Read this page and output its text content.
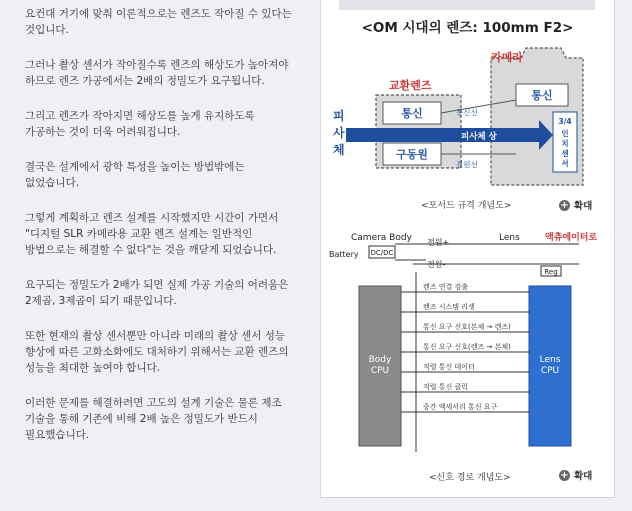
요컨대 거기에 맞춰 이론적으로는 렌즈도 작아질 수 있다는
것입니다.

그러나 촬상 센서가 작아질수록 렌즈의 해상도가 높아져야
하므로 렌즈 가공에서는 2배의 정밀도가 요구됩니다.

그리고 렌즈가 작아지면 해상도를 높게 유지하도록
가공하는 것이 더욱 어려워집니다.

결국은 설계에서 광학 특성을 높이는 방법밖에는
없었습니다.

그렇게 계획하고 렌즈 설계를 시작했지만 시간이 가면서
"디지털 SLR 카메라용 교환 렌즈 설계는 일반적인
방법으로는 해결할 수 없다"는 것을 깨닫게 되었습니다.

요구되는 정밀도가 2배가 되면 실제 가공 기술의 어려움은
2제곱, 3제곱이 되기 때문입니다.

또한 현재의 촬상 센서뿐만 아니라 미래의 촬상 센서 성능
향상에 따른 고화소화에도 대처하기 위해서는 교환 렌즈의
성능을 최대한 높여야 합니다.

이러한 문제를 해결하려면 고도의 설계 기술은 물론 제조
기술을 통해 기존에 비해 2배 높은 정밀도가 반드시
필요했습니다.

<OM 시대의 렌즈: 100mm F2>
카메라
교환렌즈
피
사
체
통신
구동원
통신
통신선
전원선
피사체 상
3/4
인
치
센
서
<포서드 규격 개념도>	+ 확대
Camera Body	Lens	액츄에이터로
Battery DC/DC
전원+
전원-
Reg
Body
CPU
Lens
CPU
렌즈 연결 검출
렌즈 시스템 리셋
통신 요구 신호(본체 → 렌즈)
통신 요구 신호(렌즈 → 본체)
직렬 통신 데이터
직렬 통신 클럭
중간 액세서리 통신 요구
<신호 경로 개념도>	+ 확대
